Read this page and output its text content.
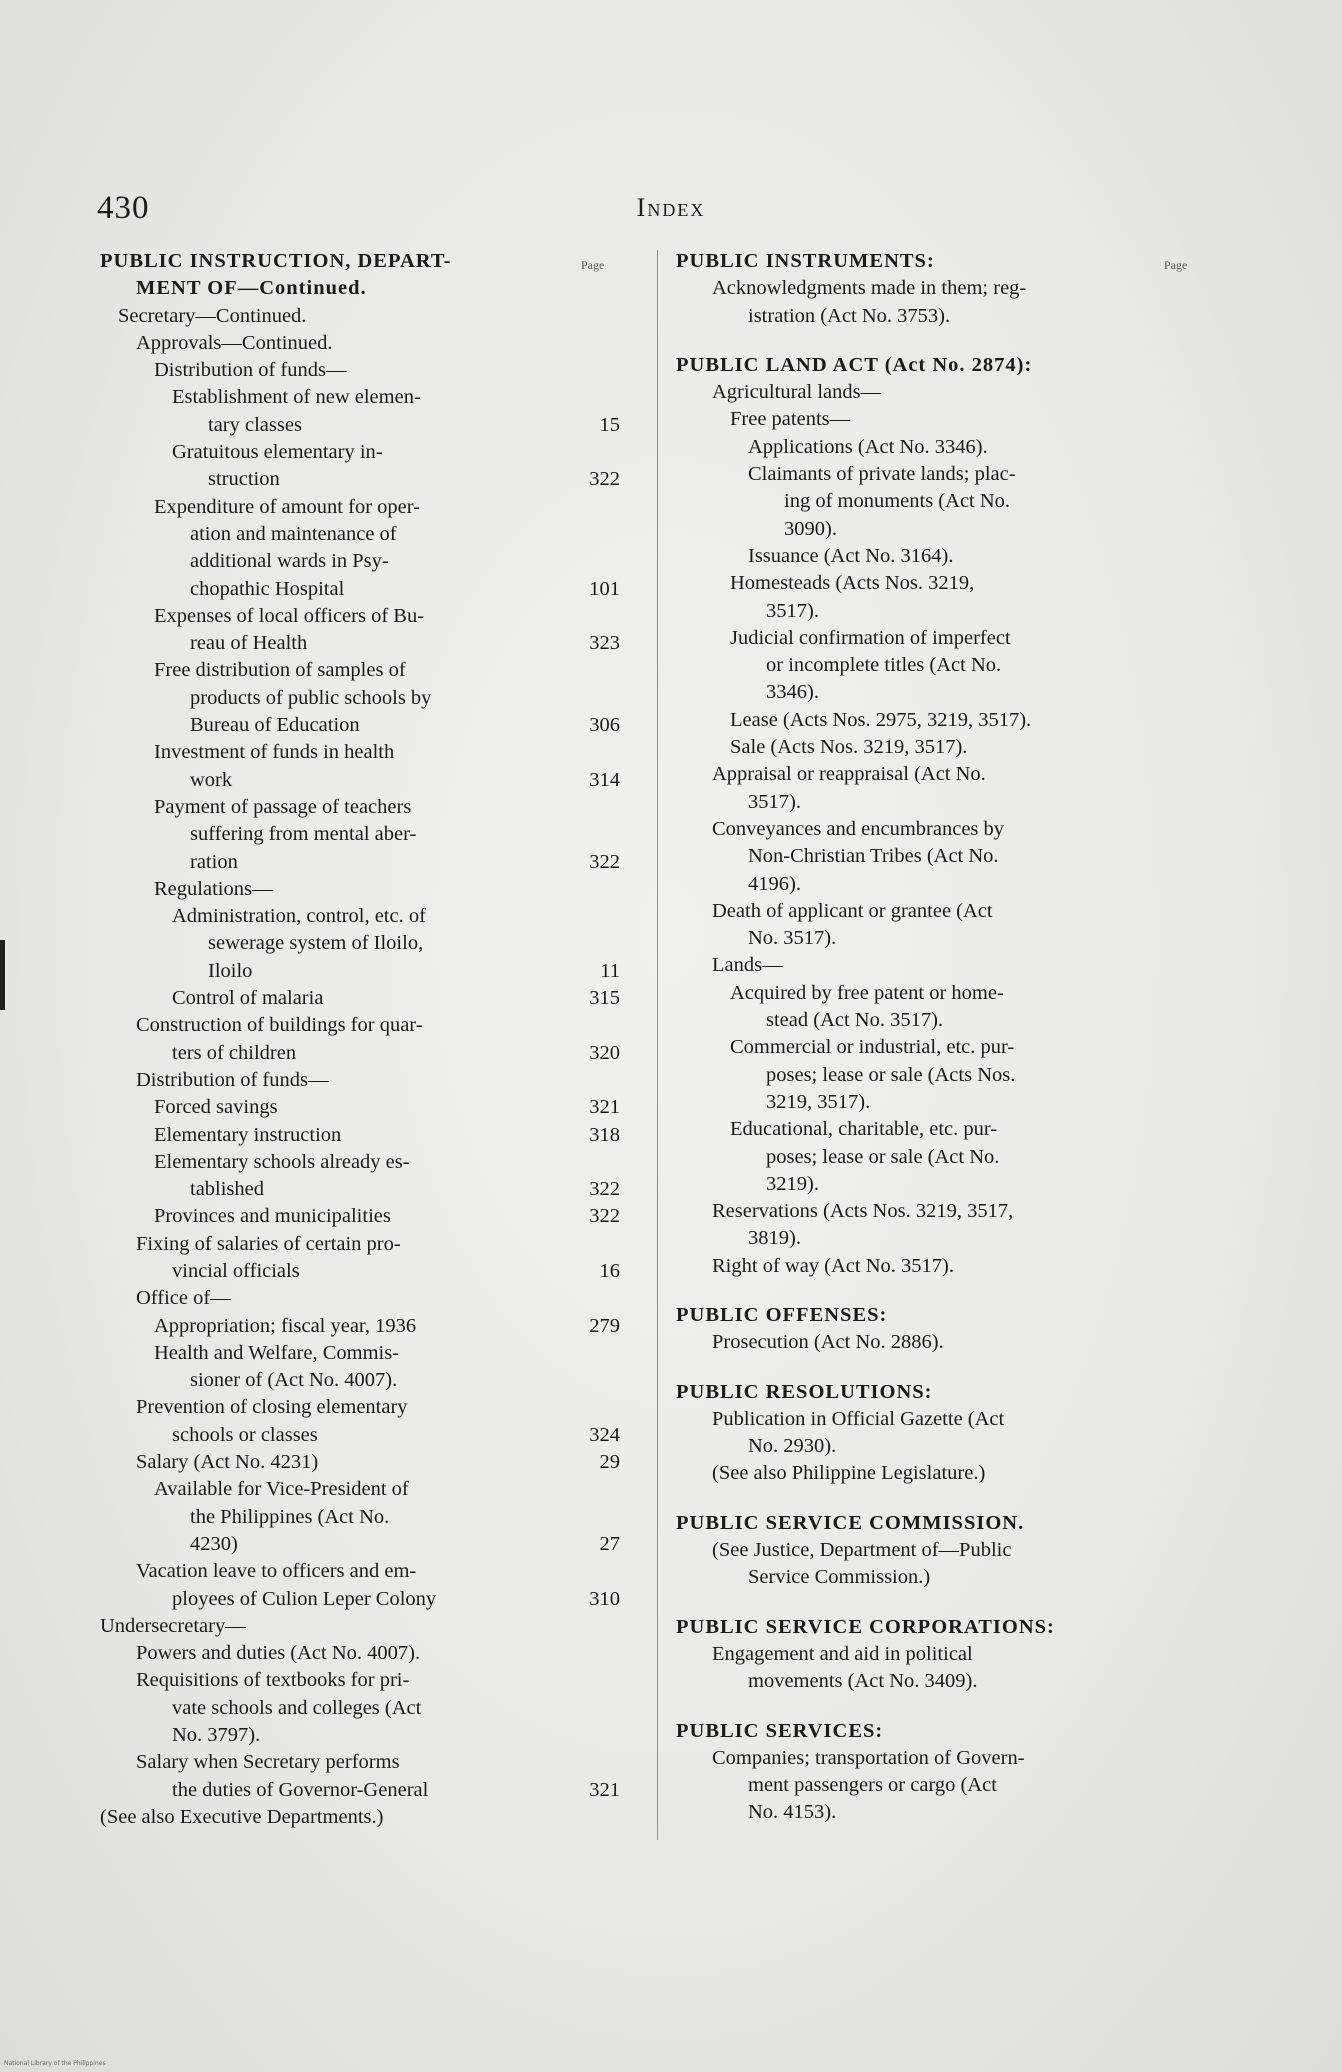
430	Index
Page	Page
PUBLIC INSTRUCTION, DEPART-
MENT OF—Continued.
Secretary—Continued.
Approvals—Continued.
Distribution of funds—
Establishment of new elemen-
tary classes	15
Gratuitous elementary in-
struction	322
Expenditure of amount for oper-
ation and maintenance of
additional wards in Psy-
chopathic Hospital	101
Expenses of local officers of Bu-
reau of Health	323
Free distribution of samples of
products of public schools by
Bureau of Education	306
Investment of funds in health
work	314
Payment of passage of teachers
suffering from mental aber-
ration	322
Regulations—
Administration, control, etc. of
sewerage system of Iloilo,
Iloilo	11
Control of malaria	315
Construction of buildings for quar-
ters of children	320
Distribution of funds—
Forced savings	321
Elementary instruction	318
Elementary schools already es-
tablished	322
Provinces and municipalities	322
Fixing of salaries of certain pro-
vincial officials	16
Office of—
Appropriation; fiscal year, 1936	279
Health and Welfare, Commis-
sioner of (Act No. 4007).
Prevention of closing elementary
schools or classes	324
Salary (Act No. 4231)	29
Available for Vice-President of
the Philippines (Act No.
4230)	27
Vacation leave to officers and em-
ployees of Culion Leper Colony	310
Undersecretary—
Powers and duties (Act No. 4007).
Requisitions of textbooks for pri-
vate schools and colleges (Act
No. 3797).
Salary when Secretary performs
the duties of Governor-General	321
(See also Executive Departments.)
PUBLIC INSTRUMENTS:
Acknowledgments made in them; reg-
istration (Act No. 3753).
PUBLIC LAND ACT (Act No. 2874):
Agricultural lands—
Free patents—
Applications (Act No. 3346).
Claimants of private lands; plac-
ing of monuments (Act No.
3090).
Issuance (Act No. 3164).
Homesteads (Acts Nos. 3219,
3517).
Judicial confirmation of imperfect
or incomplete titles (Act No.
3346).
Lease (Acts Nos. 2975, 3219, 3517).
Sale (Acts Nos. 3219, 3517).
Appraisal or reappraisal (Act No.
3517).
Conveyances and encumbrances by
Non-Christian Tribes (Act No.
4196).
Death of applicant or grantee (Act
No. 3517).
Lands—
Acquired by free patent or home-
stead (Act No. 3517).
Commercial or industrial, etc. pur-
poses; lease or sale (Acts Nos.
3219, 3517).
Educational, charitable, etc. pur-
poses; lease or sale (Act No.
3219).
Reservations (Acts Nos. 3219, 3517,
3819).
Right of way (Act No. 3517).
PUBLIC OFFENSES:
Prosecution (Act No. 2886).
PUBLIC RESOLUTIONS:
Publication in Official Gazette (Act
No. 2930).
(See also Philippine Legislature.)
PUBLIC SERVICE COMMISSION.
(See Justice, Department of—Public
Service Commission.)
PUBLIC SERVICE CORPORATIONS:
Engagement and aid in political
movements (Act No. 3409).
PUBLIC SERVICES:
Companies; transportation of Govern-
ment passengers or cargo (Act
No. 4153).
National Library of the Philippines
